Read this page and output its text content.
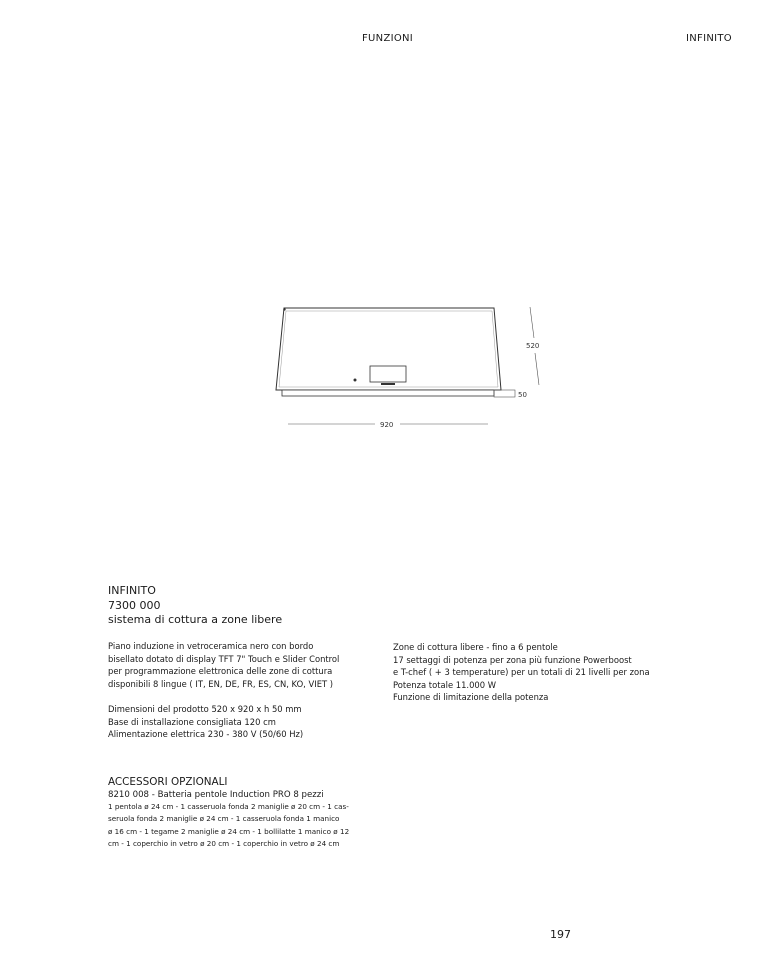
FUNZIONI	INFINITO
50
520
920
INFINITO
7300 000
sistema di cottura a zone libere
Piano induzione in vetroceramica nero con bordo
bisellato dotato di display TFT 7" Touch e Slider Control
per programmazione elettronica delle zone di cottura
disponibili 8 lingue ( IT, EN, DE, FR, ES, CN, KO, VIET )
Dimensioni del prodotto 520 x 920 x h 50 mm
Base di installazione consigliata 120 cm
Alimentazione elettrica 230 - 380 V (50/60 Hz)
Zone di cottura libere - fino a 6 pentole
17 settaggi di potenza per zona più funzione Powerboost
e T-chef ( + 3 temperature) per un totali di 21 livelli per zona
Potenza totale 11.000 W
Funzione di limitazione della potenza
ACCESSORI OPZIONALI
8210 008 - Batteria pentole Induction PRO 8 pezzi
1 pentola ø 24 cm - 1 casseruola fonda 2 maniglie ø 20 cm - 1 cas-
seruola fonda 2 maniglie ø 24 cm - 1 casseruola fonda 1 manico
ø 16 cm - 1 tegame 2 maniglie ø 24 cm - 1 bollilatte 1 manico ø 12
cm - 1 coperchio in vetro ø 20 cm - 1 coperchio in vetro ø 24 cm
197
